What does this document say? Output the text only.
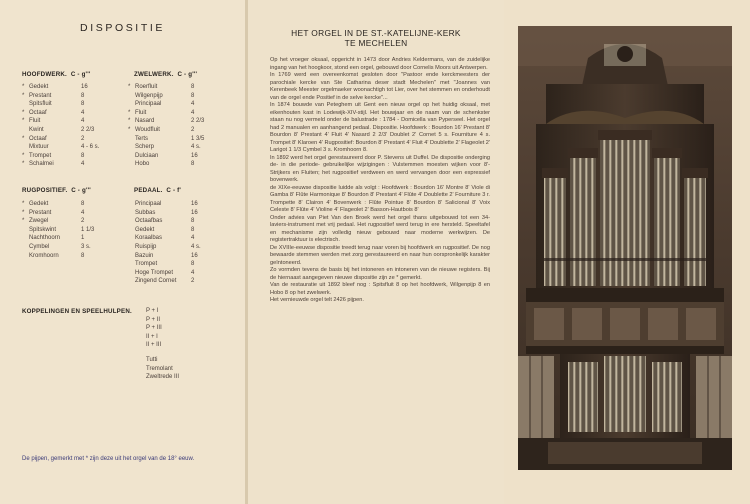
DISPOSITIE
HOOFDWERK. C - g'''
* Gedekt	16
* Prestant	8
Spitsfluit	8
* Octaaf	4
* Fluit	4
Kwint	2 2/3
* Octaaf	2
Mixtuur	4 - 6 s.
* Trompet	8
* Schalmei	4
ZWELWERK. C - g'''
* Roerfluit	8
Wilgenpijp	8
Principaal	4
* Fluit	4
* Nasard	2 2/3
* Woudfluit	2
Terts	1 3/5
Scherp	4 s.
Dulciaan	16
Hobo	8
RUGPOSITIEF. C - g'''
* Gedekt	8
* Prestant	4
* Zwegel	2
Spitskwint	1 1/3
Nachthoorn	1
Cymbel	3 s.
Kromhoorn	8
PEDAAL. C - f'
Principaal	16
Subbas	16
Octaafbas	8
Gedekt	8
Koraalbas	4
Ruispijp	4 s.
Bazuin	16
Trompet	8
Hoge Trompet	4
Zingend Cornet	2
KOPPELINGEN EN SPEELHULPEN. P + I
P + II
P + III
II + I
II + III
Tutti
Tremolant
Zweltrede III
De pijpen, gemerkt met * zijn deze uit het orgel van de 18° eeuw.
HET ORGEL IN DE ST.-KATELIJNE-KERK
TE MECHELEN

Op het vroeger oksaal, opgericht in 1473 door Andries Keldermans, van de zuidelijke ingang van het hoogkoor, stond een orgel, gebouwd door Cornelis Moors uit Antwerpen.

In 1769 werd een overeenkomst gesloten door "Pastoor ende kerckmeesters der parochiale kercke van Ste Catharina deser stadt Mechelen" met "Joannes van Kerenbeek Meester orgelmaeker woonachtigh tot Lier, over het stemmen en onderhoudt van de orgel ende Positief in de selve kercke"...

In 1874 bouwde van Peteghem uit Gent een nieuw orgel op het huidig oksaal, met eikenhouten kast in Lodewijk-XIV-stijl. Het bouwjaar en de naam van de schenkster staan nu nog vermeld onder de balustrade : 1784 - Domicella van Pyperseel. Het orgel had 2 manualen en aanhangend pedaal. Dispositie. Hoofdwerk : Bourdon 16' Prestant 8' Bourdon 8' Prestant 4' Fluit 4' Nasard 2 2/3' Doublet 2' Cornet 5 s. Fourniture 4 s. Trompet 8' Klaroen 4' Rugpositief: Bourdon 8' Prestant 4' Fluit 4' Doublette 2' Flageolet 2' Larigot 1 1/3 Cymbel 3 s. Kromhoorn 8.

In 1892 werd het orgel gerestaureerd door P. Stevens uit Duffel. De dispositie onderging de- in die periode- gebruikelijke wijzigingen : Vulstemmen moesten wijken voor 8'-Strijkers en Fluiten; het rugpositief verdween en werd vervangen door een expressief bovenwerk.

de XIXe-eeuwse dispositie luidde als volgt : Hoofdwerk : Bourdon 16' Montre 8' Viole di Gamba 8' Flûte Harmonique 8' Bourdon 8' Prestant 4' Flûte 4' Doublette 2' Fourniture 3 r. Trompette 8' Clairon 4' Bovenwerk : Flûte Pointue 8' Bourdon 8' Salicional 8' Voix Celeste 8' Flûte 4' Violine 4' Flageolet 2' Basson-Hautbois 8'

Onder advies van Piet Van den Broek werd het orgel thans uitgebouwd tot een 34-laviers-instrument met vrij pedaal. Het rugpositief werd terug in ere hersteld. Speeltafel en mechanisme zijn volledig nieuw gebouwd naar moderne werkwijzen. De registertraktuur is electrisch.

De XVIIIe-eeuwse dispositie treedt terug naar voren bij hoofdwerk en rugpositief. De nog bewaarde stemmen werden met zorg gerestaureerd en naar hun oorspronkelijk karakter geïntoneerd.

Zo vormden tevens de basis bij het intoneren en intoneren van de nieuwe registers. Bij de hiernaast aangegeven nieuwe dispositie zijn ze * gemerkt.

Van de restauratie uit 1892 bleef nog : Spitsfluit 8 op het hoofdwerk, Wilgenpijp 8 en Hobo 8 op het zwelwerk.

Het vernieuwde orgel telt 2426 pijpen.
